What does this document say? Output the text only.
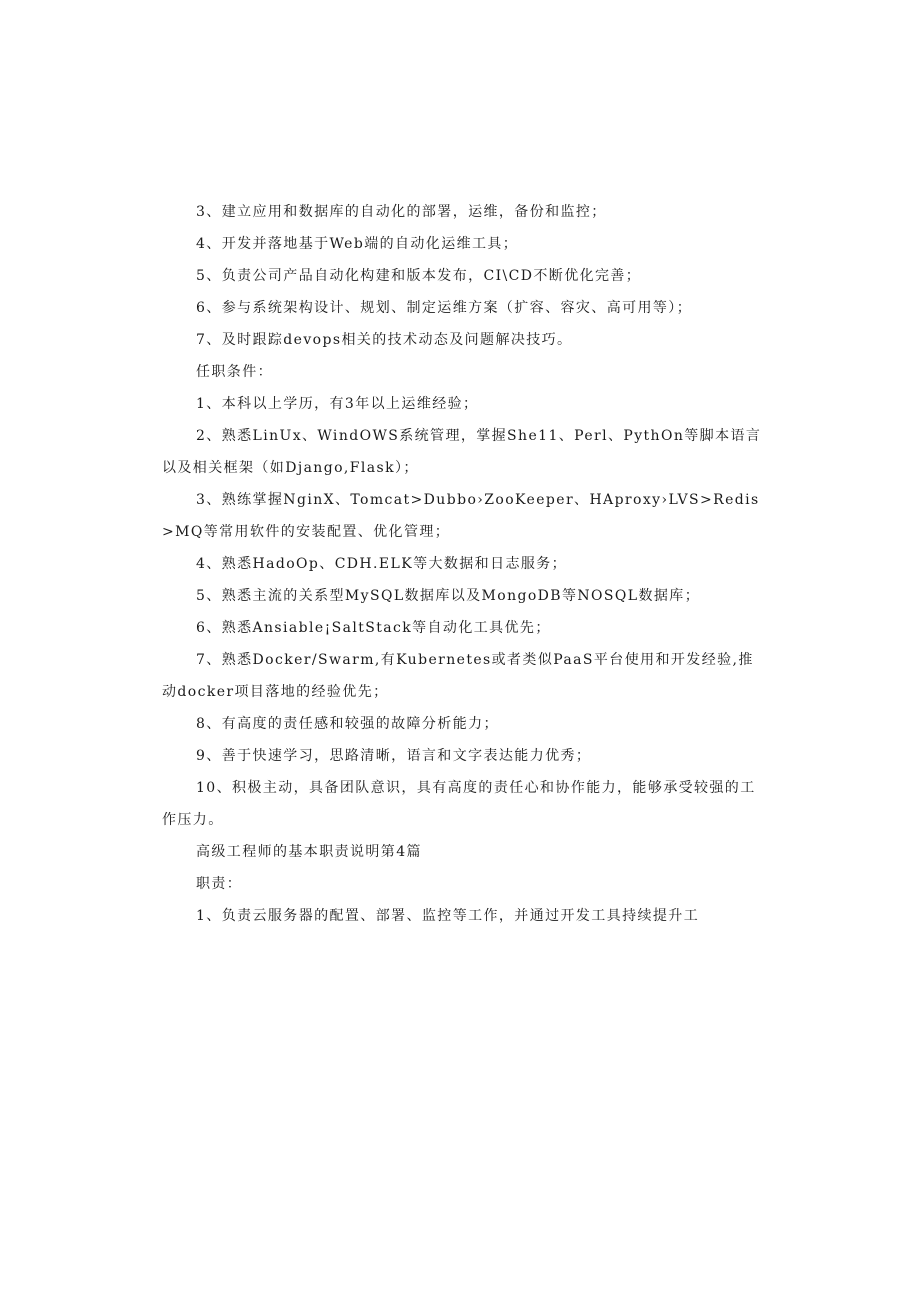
3、建立应用和数据库的自动化的部署，运维，备份和监控；

4、开发并落地基于Web端的自动化运维工具；

5、负责公司产品自动化构建和版本发布，CI\CD不断优化完善；

6、参与系统架构设计、规划、制定运维方案（扩容、容灾、高可用等）；

7、及时跟踪devops相关的技术动态及问题解决技巧。

任职条件：

1、本科以上学历，有3年以上运维经验；

2、熟悉LinUx、WindOWS系统管理，掌握She11、Perl、PythOn等脚本语言以及相关框架（如Django,Flask）；

3、熟练掌握NginX、Tomcat>Dubbo›ZooKeeper、HAproxy›LVS>Redis>MQ等常用软件的安装配置、优化管理；

4、熟悉HadoOp、CDH.ELK等大数据和日志服务；

5、熟悉主流的关系型MySQL数据库以及MongoDB等NOSQL数据库；

6、熟悉Ansiable¡SaltStack等自动化工具优先；

7、熟悉Docker/Swarm,有Kubernetes或者类似PaaS平台使用和开发经验,推动docker项目落地的经验优先；

8、有高度的责任感和较强的故障分析能力；

9、善于快速学习，思路清晰，语言和文字表达能力优秀；

10、积极主动，具备团队意识，具有高度的责任心和协作能力，能够承受较强的工作压力。

高级工程师的基本职责说明第4篇

职责：

1、负责云服务器的配置、部署、监控等工作，并通过开发工具持续提升工
